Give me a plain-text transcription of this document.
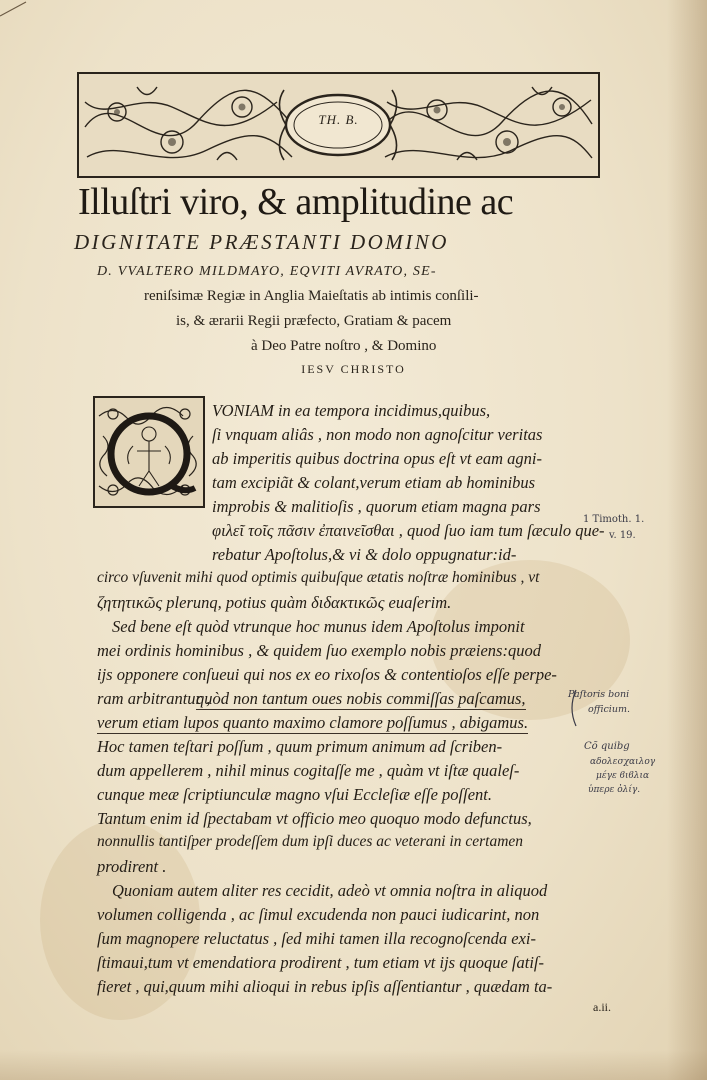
TH. B.
Illuſtri viro, & amplitudine ac
DIGNITATE PRÆSTANTI DOMINO
D. VVALTERO MILDMAYO, EQVITI AVRATO, SE-
reniſsimæ Regiæ in Anglia Maieſtatis ab intimis conſili-
is, & ærarii Regii præfecto, Gratiam & pacem
à Deo Patre noſtro , & Domino
IESV CHRISTO
VONIAM in ea tempora incidimus,quibus,
ſi vnquam aliâs , non modo non agnoſcitur veritas
ab imperitis quibus doctrina opus eſt vt eam agni-
tam excipiãt & colant,verum etiam ab hominibus
improbis & malitioſis , quorum etiam magna pars
φιλεῖ τοῖς πᾶσιν ἐπαινεῖσθαι , quod ſuo iam tum ſæculo que-
rebatur Apoſtolus,& vi & dolo oppugnatur:id-
circo vſuvenit mihi quod optimis quibuſque ætatis noſtræ hominibus , vt
ζητητικῶς plerunq, potius quàm διδακτικῶς euaſerim.
Sed bene eſt quòd vtrunque hoc munus idem Apoſtolus imponit
mei ordinis hominibus , & quidem ſuo exemplo nobis præiens:quod
ijs opponere conſueui qui nos ex eo rixoſos & contentioſos eſſe perpe-
ram arbitrantur ,
quòd non tantum oues nobis commiſſas paſcamus,
verum etiam lupos quanto maximo clamore poſſumus , abigamus.
Hoc tamen teſtari poſſum , quum primum animum ad ſcriben-
dum appellerem , nihil minus cogitaſſe me , quàm vt iſtæ qualeſ-
cunque meæ ſcriptiunculæ magno vſui Eccleſiæ eſſe poſſent.
Tantum enim id ſpectabam vt officio meo quoquo modo defunctus,
nonnullis tantiſper prodeſſem dum ipſi duces ac veterani in certamen
prodirent .
Quoniam autem aliter res cecidit, adeò vt omnia noſtra in aliquod
volumen colligenda , ac ſimul excudenda non pauci iudicarint, non
ſum magnopere reluctatus , ſed mihi tamen illa recognoſcenda exi-
ſtimaui,tum vt emendatiora prodirent , tum etiam vt ijs quoque ſatiſ-
fieret , qui,quum mihi alioqui in rebus ipſis aſſentiantur , quædam ta-
1 Timoth. 1.
v. 19.
Paſtoris boni
officium.
Cõ quibg
αδολεσχαιλογ
μέγε ϐιϐλια
ὑπερε ὀλίγ.
a.ii.
